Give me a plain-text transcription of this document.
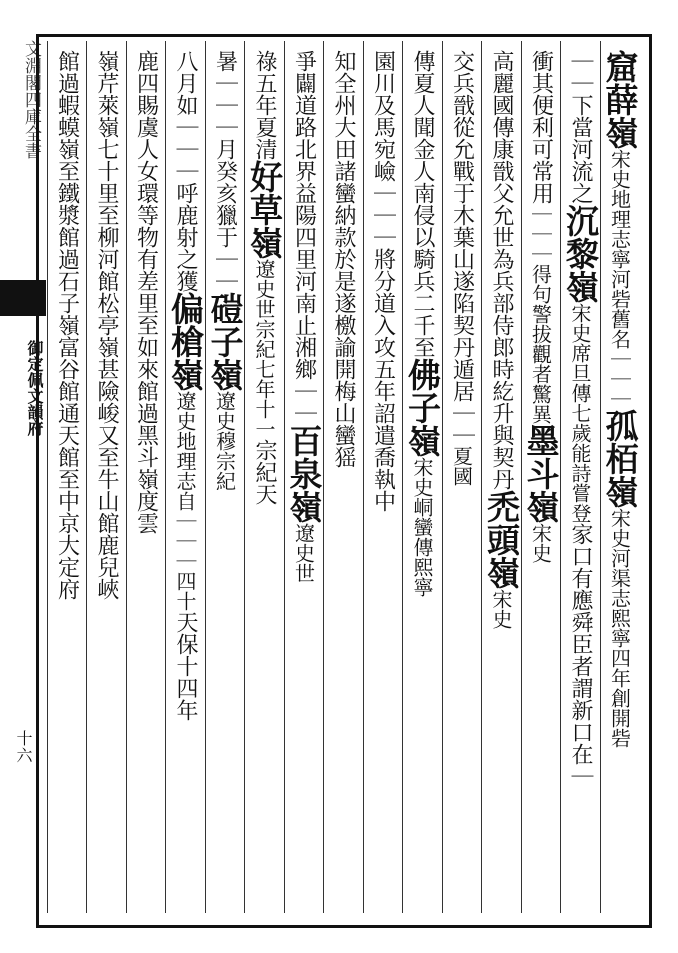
文淵閣四庫全書
御定佩文韻府
十六
窟薛嶺
宋史地理志寧河砦舊名｜｜｜
孤栢嶺
宋史河渠志熙寧四年創開砦
｜｜下當河流之
沉黎嶺
宋史席旦傳七歲能詩嘗登
家口有應舜臣者謂新口在｜
衝其便利可常用
｜｜｜得句警拔觀者驚異
墨斗嶺
宋史
高麗國傳康戩父允世為兵部侍郎時紇升與契丹
禿頭嶺
宋史
交兵戩從允戰于木葉山遂陷契丹遁居｜｜
夏國
傳夏人聞金人南侵以騎兵二千至
佛子嶺
宋史峒蠻傳熙寧
園川及馬宛嶮｜｜｜將分道入攻
五年詔遣喬執中
知全州大田諸蠻納款於是遂檄諭開梅山蠻猺
爭闢道路北界益陽四里河南止湘鄉｜｜
百泉嶺
遼史世
祿五年夏清
好草嶺
遼史世宗紀七年十一
宗紀天
暑｜｜｜
月癸亥獵于｜｜
磑子嶺
遼史穆宗紀
八月如｜｜｜呼鹿射之獲
偏槍嶺
遼史地理志自｜｜｜四十
天保十四年
鹿四賜虞人女環等物有差
里至如來館過黑斗嶺度雲
嶺芹萊嶺七十里至柳河館松亭嶺甚險峻又至牛山館鹿兒峽
館過蝦蟆嶺至鐵漿館過石子嶺富谷館通天館至中京大定府
